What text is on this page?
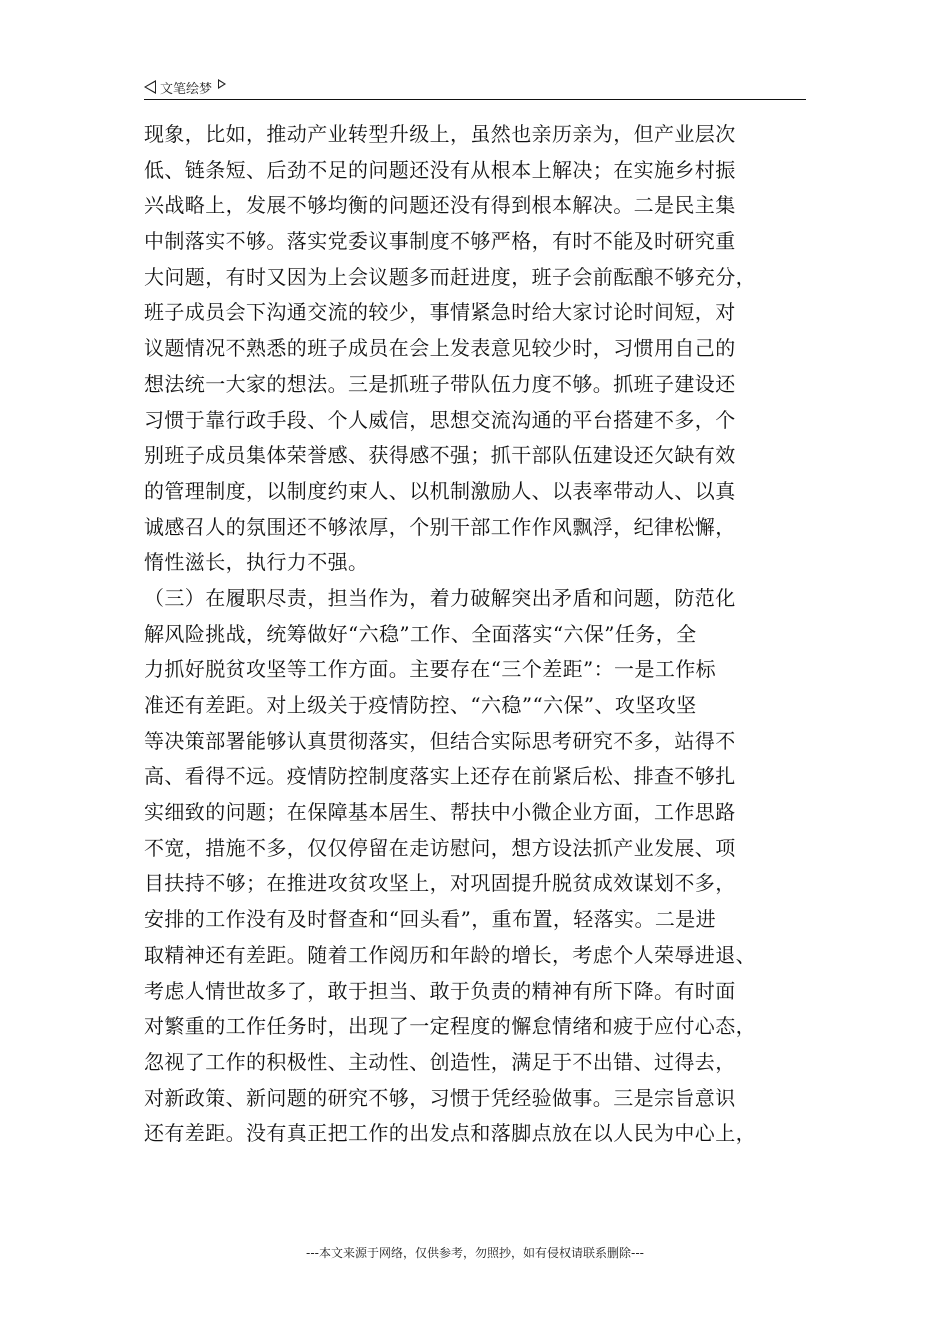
文笔绘梦
现象，比如，推动产业转型升级上，虽然也亲历亲为，但产业层次
低、链条短、后劲不足的问题还没有从根本上解决；在实施乡村振
兴战略上，发展不够均衡的问题还没有得到根本解决。二是民主集
中制落实不够。落实党委议事制度不够严格，有时不能及时研究重
大问题，有时又因为上会议题多而赶进度，班子会前酝酿不够充分，
班子成员会下沟通交流的较少，事情紧急时给大家讨论时间短，对
议题情况不熟悉的班子成员在会上发表意见较少时，习惯用自己的
想法统一大家的想法。三是抓班子带队伍力度不够。抓班子建设还
习惯于靠行政手段、个人威信，思想交流沟通的平台搭建不多，个
别班子成员集体荣誉感、获得感不强；抓干部队伍建设还欠缺有效
的管理制度，以制度约束人、以机制激励人、以表率带动人、以真
诚感召人的氛围还不够浓厚，个别干部工作作风飘浮，纪律松懈，
惰性滋长，执行力不强。
（三）在履职尽责，担当作为，着力破解突出矛盾和问题，防范化
解风险挑战，统筹做好“六稳”工作、全面落实“六保”任务，全
力抓好脱贫攻坚等工作方面。主要存在“三个差距”：一是工作标
准还有差距。对上级关于疫情防控、“六稳”“六保”、攻坚攻坚
等决策部署能够认真贯彻落实，但结合实际思考研究不多，站得不
高、看得不远。疫情防控制度落实上还存在前紧后松、排查不够扎
实细致的问题；在保障基本居生、帮扶中小微企业方面，工作思路
不宽，措施不多，仅仅停留在走访慰问，想方设法抓产业发展、项
目扶持不够；在推进攻贫攻坚上，对巩固提升脱贫成效谋划不多，
安排的工作没有及时督查和“回头看”，重布置，轻落实。二是进
取精神还有差距。随着工作阅历和年龄的增长，考虑个人荣辱进退、
考虑人情世故多了，敢于担当、敢于负责的精神有所下降。有时面
对繁重的工作任务时，出现了一定程度的懈怠情绪和疲于应付心态，
忽视了工作的积极性、主动性、创造性，满足于不出错、过得去，
对新政策、新问题的研究不够，习惯于凭经验做事。三是宗旨意识
还有差距。没有真正把工作的出发点和落脚点放在以人民为中心上，
---本文来源于网络，仅供参考，勿照抄，如有侵权请联系删除---
